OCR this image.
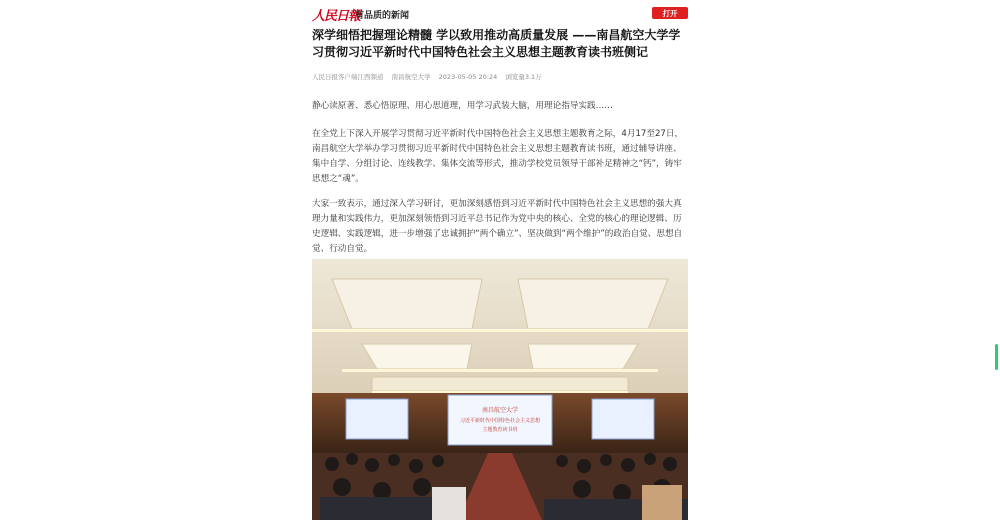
人民日報
有品质的新闻	打开
深学细悟把握理论精髓 学以致用推动高质量发展 ——南昌航空大学学习贯彻习近平新时代中国特色社会主义思想主题教育读书班侧记
人民日报客户端江西频道 南昌航空大学 2023-05-05 20:24 浏览量3.1万

静心读原著、悉心悟原理、用心思道理，用学习武装大脑，用理论指导实践……

在全党上下深入开展学习贯彻习近平新时代中国特色社会主义思想主题教育之际，4月17至27日，南昌航空大学举办学习贯彻习近平新时代中国特色社会主义思想主题教育读书班，通过辅导讲座、集中自学、分组讨论、连线教学、集体交流等形式，推动学校党员领导干部补足精神之“钙”，铸牢思想之“魂”。

大家一致表示，通过深入学习研讨，更加深刻感悟到习近平新时代中国特色社会主义思想的强大真理力量和实践伟力，更加深刻领悟到习近平总书记作为党中央的核心、全党的核心的理论逻辑、历史逻辑、实践逻辑，进一步增强了忠诚拥护“两个确立”、坚决做到“两个维护”的政治自觉、思想自觉、行动自觉。

南昌航空大学
习近平新时代中国特色社会主义思想
主题教育读书班
